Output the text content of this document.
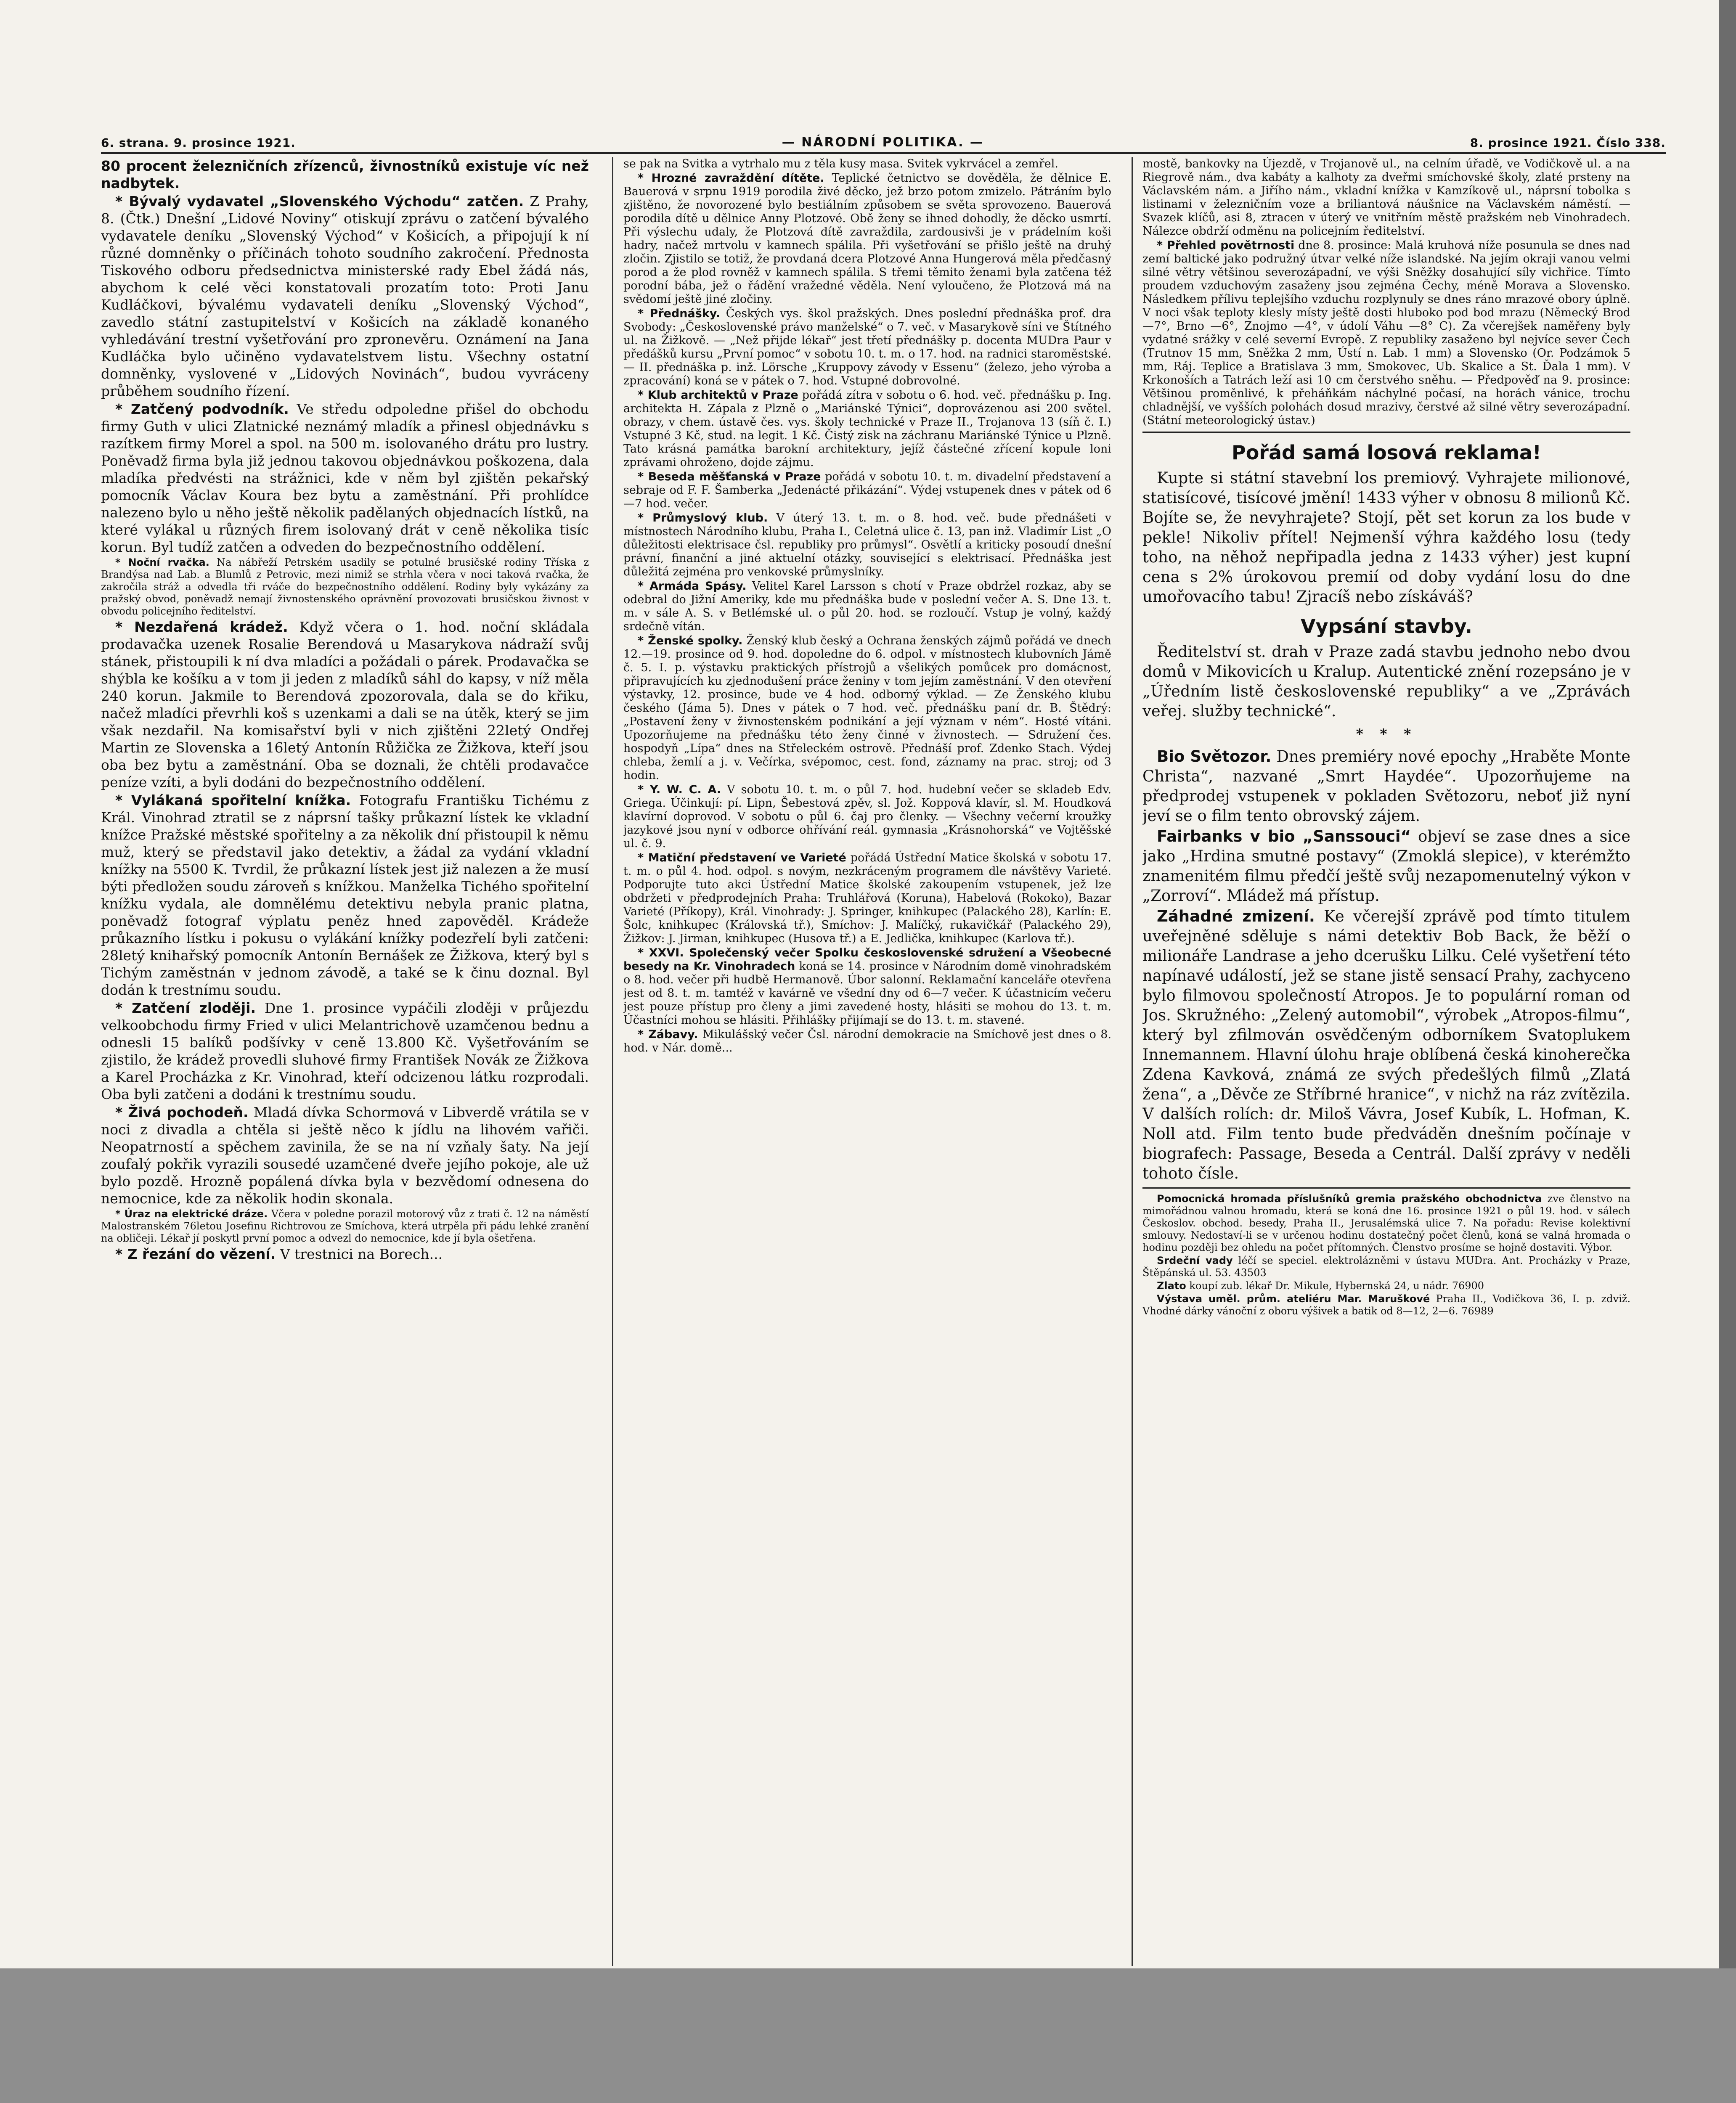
6. strana. 9. prosince 1921.	— NÁRODNÍ POLITIKA. —	8. prosince 1921. Číslo 338.

80 procent železničních zřízenců, živnostníků existuje víc než nadbytek.

* Bývalý vydavatel „Slovenského Východu“ zatčen. Z Prahy, 8. (Čtk.) Dnešní „Lidové Noviny“ otiskují zprávu o zatčení bývalého vydavatele deníku „Slovenský Východ“ v Košicích, a připojují k ní různé domněnky o příčinách tohoto soudního zakročení. Přednosta Tiskového odboru předsednictva ministerské rady Ebel žádá nás, abychom k celé věci konstatovali prozatím toto: Proti Janu Kudláčkovi, bývalému vydavateli deníku „Slovenský Východ“, zavedlo státní zastupitelství v Košicích na základě konaného vyhledávání trestní vyšetřování pro zpronevěru. Oznámení na Jana Kudláčka bylo učiněno vydavatelstvem listu. Všechny ostatní domněnky, vyslovené v „Lidových Novinách“, budou vyvráceny průběhem soudního řízení.

* Zatčený podvodník. Ve středu odpoledne přišel do obchodu firmy Guth v ulici Zlatnické neznámý mladík a přinesl objednávku s razítkem firmy Morel a spol. na 500 m. isolovaného drátu pro lustry. Poněvadž firma byla již jednou takovou objednávkou poškozena, dala mladíka předvésti na strážnici, kde v něm byl zjištěn pekařský pomocník Václav Koura bez bytu a zaměstnání. Při prohlídce nalezeno bylo u něho ještě několik padělaných objednacích lístků, na které vylákal u různých firem isolovaný drát v ceně několika tisíc korun. Byl tudíž zatčen a odveden do bezpečnostního oddělení.

* Noční rvačka. Na nábřeží Petrském usadily se potulné brusičské rodiny Tříska z Brandýsa nad Lab. a Blumlů z Petrovic, mezi nimiž se strhla včera v noci taková rvačka, že zakročila stráž a odvedla tři rváče do bezpečnostního oddělení. Rodiny byly vykázány za pražský obvod, poněvadž nemají živnostenského oprávnění provozovati brusičskou živnost v obvodu policejního ředitelství.

* Nezdařená krádež. Když včera o 1. hod. noční skládala prodavačka uzenek Rosalie Berendová u Masarykova nádraží svůj stánek, přistoupili k ní dva mladíci a požádali o párek. Prodavačka se shýbla ke košíku a v tom ji jeden z mladíků sáhl do kapsy, v níž měla 240 korun. Jakmile to Berendová zpozorovala, dala se do křiku, načež mladíci převrhli koš s uzenkami a dali se na útěk, který se jim však nezdařil. Na komisařství byli v nich zjištěni 22letý Ondřej Martin ze Slovenska a 16letý Antonín Růžička ze Žižkova, kteří jsou oba bez bytu a zaměstnání. Oba se doznali, že chtěli prodavačce peníze vzíti, a byli dodáni do bezpečnostního oddělení.

* Vylákaná spořitelní knížka. Fotografu Františku Tichému z Král. Vinohrad ztratil se z náprsní tašky průkazní lístek ke vkladní knížce Pražské městské spořitelny a za několik dní přistoupil k němu muž, který se představil jako detektiv, a žádal za vydání vkladní knížky na 5500 K. Tvrdil, že průkazní lístek jest již nalezen a že musí býti předložen soudu zároveň s knížkou. Manželka Tichého spořitelní knížku vydala, ale domnělému detektivu nebyla pranic platna, poněvadž fotograf výplatu peněz hned zapověděl. Krádeže průkazního lístku i pokusu o vylákání knížky podezřelí byli zatčeni: 28letý knihařský pomocník Antonín Bernášek ze Žižkova, který byl s Tichým zaměstnán v jednom závodě, a také se k činu doznal. Byl dodán k trestnímu soudu.

* Zatčení zloději. Dne 1. prosince vypáčili zloději v průjezdu velkoobchodu firmy Fried v ulici Melantrichově uzamčenou bednu a odnesli 15 balíků podšívky v ceně 13.800 Kč. Vyšetřováním se zjistilo, že krádež provedli sluhové firmy František Novák ze Žižkova a Karel Procházka z Kr. Vinohrad, kteří odcizenou látku rozprodali. Oba byli zatčeni a dodáni k trestnímu soudu.

* Živá pochodeň. Mladá dívka Schormová v Libverdě vrátila se v noci z divadla a chtěla si ještě něco k jídlu na lihovém vařiči. Neopatrností a spěchem zavinila, že se na ní vzňaly šaty. Na její zoufalý pokřik vyrazili sousedé uzamčené dveře jejího pokoje, ale už bylo pozdě. Hrozně popálená dívka byla v bezvědomí odnesena do nemocnice, kde za několik hodin skonala.

* Úraz na elektrické dráze. Včera v poledne porazil motorový vůz z trati č. 12 na náměstí Malostranském 76letou Josefinu Richtrovou ze Smíchova, která utrpěla při pádu lehké zranění na obličeji. Lékař jí poskytl první pomoc a odvezl do nemocnice, kde jí byla ošetřena.

* Z řezání do vězení. V trestnici na Borech...

se pak na Svitka a vytrhalo mu z těla kusy masa. Svitek vykrvácel a zemřel.

* Hrozné zavraždění dítěte. Teplické četnictvo se dověděla, že dělnice E. Bauerová v srpnu 1919 porodila živé děcko, jež brzo potom zmizelo. Pátráním bylo zjištěno, že novorozené bylo bestiálním způsobem se světa sprovozeno. Bauerová porodila dítě u dělnice Anny Plotzové. Obě ženy se ihned dohodly, že děcko usmrtí. Při výslechu udaly, že Plotzová dítě zavraždila, zardousivši je v prádelním koši hadry, načež mrtvolu v kamnech spálila. Při vyšetřování se přišlo ještě na druhý zločin. Zjistilo se totiž, že provdaná dcera Plotzové Anna Hungerová měla předčasný porod a že plod rovněž v kamnech spálila. S třemi těmito ženami byla zatčena též porodní bába, jež o řádění vražedné věděla. Není vyloučeno, že Plotzová má na svědomí ještě jiné zločiny.

* Přednášky. Českých vys. škol pražských. Dnes poslední přednáška prof. dra Svobody: „Československé právo manželské“ o 7. več. v Masarykově síni ve Štítného ul. na Žižkově. — „Než přijde lékař“ jest třetí přednášky p. docenta MUDra Paur v předášků kursu „První pomoc“ v sobotu 10. t. m. o 17. hod. na radnici staroměstské. — II. přednáška p. inž. Lörsche „Kruppovy závody v Essenu“ (železo, jeho výroba a zpracování) koná se v pátek o 7. hod. Vstupné dobrovolné.

* Klub architektů v Praze pořádá zítra v sobotu o 6. hod. več. přednášku p. Ing. architekta H. Zápala z Plzně o „Mariánské Týnici“, doprovázenou asi 200 světel. obrazy, v chem. ústavě čes. vys. školy technické v Praze II., Trojanova 13 (síň č. I.) Vstupné 3 Kč, stud. na legit. 1 Kč. Čistý zisk na záchranu Mariánské Týnice u Plzně. Tato krásná památka barokní architektury, jejíž částečné zřícení kopule loni zprávami ohroženo, dojde zájmu.

* Beseda měšťanská v Praze pořádá v sobotu 10. t. m. divadelní představení a sebraje od F. F. Šamberka „Jedenácté přikázání“. Výdej vstupenek dnes v pátek od 6—7 hod. večer.

* Průmyslový klub. V úterý 13. t. m. o 8. hod. več. bude přednášeti v místnostech Národního klubu, Praha I., Celetná ulice č. 13, pan inž. Vladimír List „O důležitosti elektrisace čsl. republiky pro průmysl“. Osvětlí a kriticky posoudí dnešní právní, finanční a jiné aktuelní otázky, související s elektrisací. Přednáška jest důležitá zejména pro venkovské průmyslníky.

* Armáda Spásy. Velitel Karel Larsson s chotí v Praze obdržel rozkaz, aby se odebral do Jižní Ameriky, kde mu přednáška bude v poslední večer A. S. Dne 13. t. m. v sále A. S. v Betlémské ul. o půl 20. hod. se rozloučí. Vstup je volný, každý srdečně vítán.

* Ženské spolky. Ženský klub český a Ochrana ženských zájmů pořádá ve dnech 12.—19. prosince od 9. hod. dopoledne do 6. odpol. v místnostech klubovních Jámě č. 5. I. p. výstavku praktických přístrojů a všelikých pomůcek pro domácnost, připravujících ku zjednodušení práce ženiny v tom jejím zaměstnání. V den otevření výstavky, 12. prosince, bude ve 4 hod. odborný výklad. — Ze Ženského klubu českého (Jáma 5). Dnes v pátek o 7 hod. več. přednášku paní dr. B. Štědrý: „Postavení ženy v živnostenském podnikání a její význam v ném“. Hosté vítáni. Upozorňujeme na přednášku této ženy činné v živnostech. — Sdružení čes. hospodyň „Lípa“ dnes na Střeleckém ostrově. Přednáší prof. Zdenko Stach. Výdej chleba, žemlí a j. v. Večírka, svépomoc, cest. fond, záznamy na prac. stroj; od 3 hodin.

* Y. W. C. A. V sobotu 10. t. m. o půl 7. hod. hudební večer se skladeb Edv. Griega. Účinkují: pí. Lipn, Šebestová zpěv, sl. Jož. Koppová klavír, sl. M. Houdková klavírní doprovod. V sobotu o půl 6. čaj pro členky. — Všechny večerní kroužky jazykové jsou nyní v odborce ohřívání reál. gymnasia „Krásnohorská“ ve Vojtěšské ul. č. 9.

* Matiční představení ve Varieté pořádá Ústřední Matice školská v sobotu 17. t. m. o půl 4. hod. odpol. s novým, nezkráceným programem dle návštěvy Varieté. Podporujte tuto akci Ústřední Matice školské zakoupením vstupenek, jež lze obdržeti v předprodejních Praha: Truhlářová (Koruna), Habelová (Rokoko), Bazar Varieté (Příkopy), Král. Vinohrady: J. Springer, knihkupec (Palackého 28), Karlín: E. Šolc, knihkupec (Královská tř.), Smíchov: J. Malíčký, rukavičkář (Palackého 29), Žižkov: J. Jirman, knihkupec (Husova tř.) a E. Jedlička, knihkupec (Karlova tř.).

* XXVI. Společenský večer Spolku československé sdružení a Všeobecné besedy na Kr. Vinohradech koná se 14. prosince v Národním domě vinohradském o 8. hod. večer při hudbě Hermanově. Úbor salonní. Reklamační kanceláře otevřena jest od 8. t. m. tamtéž v kavárně ve všední dny od 6—7 večer. K účastnicím večeru jest pouze přístup pro členy a jimi zavedené hosty, hlásiti se mohou do 13. t. m. Účastníci mohou se hlásiti. Přihlášky přijímají se do 13. t. m. stavené.

* Zábavy. Mikulášský večer Čsl. národní demokracie na Smíchově jest dnes o 8. hod. v Nár. domě...

mostě, bankovky na Újezdě, v Trojanově ul., na celním úřadě, ve Vodičkově ul. a na Riegrově nám., dva kabáty a kalhoty za dveřmi smíchovské školy, zlaté prsteny na Václavském nám. a Jiřího nám., vkladní knížka v Kamzíkově ul., náprsní tobolka s listinami v železničním voze a briliantová náušnice na Václavském náměstí. — Svazek klíčů, asi 8, ztracen v úterý ve vnitřním městě pražském neb Vinohradech. Nálezce obdrží odměnu na policejním ředitelství.

* Přehled povětrnosti dne 8. prosince: Malá kruhová níže posunula se dnes nad zemí baltické jako podružný útvar velké níže islandské. Na jejím okraji vanou velmi silné větry většinou severozápadní, ve výši Sněžky dosahující síly vichřice. Tímto proudem vzduchovým zasaženy jsou zejména Čechy, méně Morava a Slovensko. Následkem přílivu teplejšího vzduchu rozplynuly se dnes ráno mrazové obory úplně. V noci však teploty klesly místy ještě dosti hluboko pod bod mrazu (Německý Brod —7°, Brno —6°, Znojmo —4°, v údolí Váhu —8° C). Za včerejšek naměřeny byly vydatné srážky v celé severní Evropě. Z republiky zasaženo byl nejvíce sever Čech (Trutnov 15 mm, Sněžka 2 mm, Ústí n. Lab. 1 mm) a Slovensko (Or. Podzámok 5 mm, Ráj. Teplice a Bratislava 3 mm, Smokovec, Ub. Skalice a St. Ďala 1 mm). V Krkonoších a Tatrách leží asi 10 cm čerstvého sněhu. — Předpověď na 9. prosince: Většinou proměnlivé, k přeháňkám náchylné počasí, na horách vánice, trochu chladnější, ve vyšších polohách dosud mrazivy, čerstvé až silné větry severozápadní. (Státní meteorologický ústav.)

Pořád samá losová reklama!

Kupte si státní stavební los premiový. Vyhrajete milionové, statisícové, tisícové jmění! 1433 výher v obnosu 8 milionů Kč. Bojíte se, že nevyhrajete? Stojí, pět set korun za los bude v pekle! Nikoliv přítel! Nejmenší výhra každého losu (tedy toho, na něhož nepřipadla jedna z 1433 výher) jest kupní cena s 2% úrokovou premií od doby vydání losu do dne umořovacího tabu! Zjracíš nebo získáváš?

Vypsání stavby.

Ředitelství st. drah v Praze zadá stavbu jednoho nebo dvou domů v Mikovicích u Kralup. Autentické znění rozepsáno je v „Úředním listě československé republiky“ a ve „Zprávách veřej. služby technické“.

* * *

Bio Světozor. Dnes premiéry nové epochy „Hraběte Monte Christa“, nazvané „Smrt Haydée“. Upozorňujeme na předprodej vstupenek v pokladen Světozoru, neboť již nyní jeví se o film tento obrovský zájem.

Fairbanks v bio „Sanssouci“ objeví se zase dnes a sice jako „Hrdina smutné postavy“ (Zmoklá slepice), v kterémžto znamenitém filmu předčí ještě svůj nezapomenutelný výkon v „Zorroví“. Mládež má přístup.

Záhadné zmizení. Ke včerejší zprávě pod tímto titulem uveřejněné sděluje s námi detektiv Bob Back, že běží o milionáře Landrase a jeho dcerušku Lilku. Celé vyšetření této napínavé událostí, jež se stane jistě sensací Prahy, zachyceno bylo filmovou společností Atropos. Je to populární roman od Jos. Skružného: „Zelený automobil“, výrobek „Atropos-filmu“, který byl zfilmován osvědčeným odborníkem Svatoplukem Innemannem. Hlavní úlohu hraje oblíbená česká kinoherečka Zdena Kavková, známá ze svých předešlých filmů „Zlatá žena“, a „Děvče ze Stříbrné hranice“, v nichž na ráz zvítězila. V dalších rolích: dr. Miloš Vávra, Josef Kubík, L. Hofman, K. Noll atd. Film tento bude předváděn dnešním počínaje v biografech: Passage, Beseda a Centrál. Další zprávy v neděli tohoto čísle.

Pomocnická hromada příslušníků gremia pražského obchodnictva zve členstvo na mimořádnou valnou hromadu, která se koná dne 16. prosince 1921 o půl 19. hod. v sálech Českoslov. obchod. besedy, Praha II., Jerusalémská ulice 7. Na pořadu: Revise kolektivní smlouvy. Nedostaví-li se v určenou hodinu dostatečný počet členů, koná se valná hromada o hodinu později bez ohledu na počet přítomných. Členstvo prosíme se hojně dostaviti. Výbor.

Srdeční vady léčí se speciel. elektrolázněmi v ústavu MUDra. Ant. Procházky v Praze, Štěpánská ul. 53. 43503

Zlato koupí zub. lékař Dr. Mikule, Hybernská 24, u nádr. 76900

Výstava uměl. prům. ateliéru Mar. Maruškové Praha II., Vodičkova 36, I. p. zdviž. Vhodné dárky vánoční z oboru výšivek a batik od 8—12, 2—6. 76989
